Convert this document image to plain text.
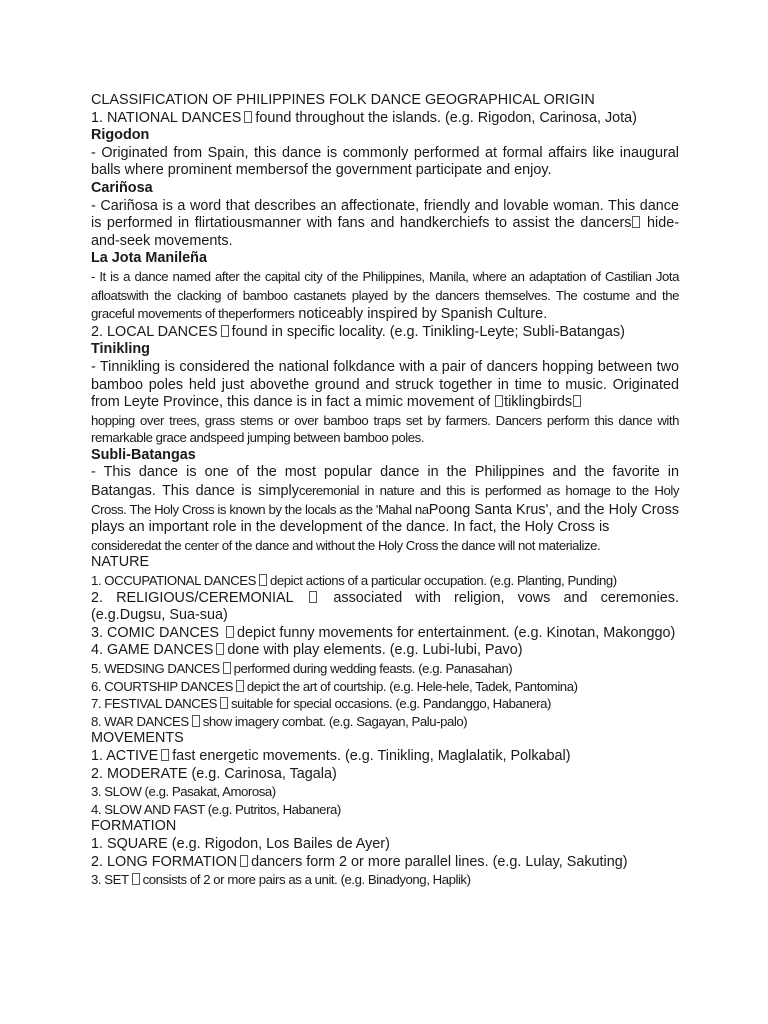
CLASSIFICATION OF PHILIPPINES FOLK DANCE GEOGRAPHICAL ORIGIN
1. NATIONAL DANCES found throughout the islands. (e.g. Rigodon, Carinosa, Jota)
Rigodon
- Originated from Spain, this dance is commonly performed at formal affairs like inaugural balls where prominent membersof the government participate and enjoy.
Cariñosa
- Cariñosa is a word that describes an affectionate, friendly and lovable woman. This dance is performed in flirtatiousmanner with fans and handkerchiefs to assist the dancers hide-and-seek movements.
La Jota Manileña
- It is a dance named after the capital city of the Philippines, Manila, where an adaptation of Castilian Jota afloatswith the clacking of bamboo castanets played by the dancers themselves. The costume and the graceful movements of theperformers noticeably inspired by Spanish Culture.
2. LOCAL DANCES found in specific locality. (e.g. Tinikling-Leyte; Subli-Batangas)
Tinikling
- Tinnikling is considered the national folkdance with a pair of dancers hopping between two bamboo poles held just abovethe ground and struck together in time to music. Originated from Leyte Province, this dance is in fact a mimic movement of tiklingbirds
hopping over trees, grass stems or over bamboo traps set by farmers. Dancers perform this dance with remarkable grace andspeed jumping between bamboo poles.
Subli-Batangas
- This dance is one of the most popular dance in the Philippines and the favorite in Batangas. This dance is simplyceremonial in nature and this is performed as homage to the Holy Cross. The Holy Cross is known by the locals as the 'Mahal naPoong Santa Krus', and the Holy Cross plays an important role in the development of the dance. In fact, the Holy Cross is
consideredat the center of the dance and without the Holy Cross the dance will not materialize.
NATURE
1. OCCUPATIONAL DANCES depict actions of a particular occupation. (e.g. Planting, Punding)
2. RELIGIOUS/CEREMONIAL	associated with religion, vows and ceremonies. (e.g.Dugsu, Sua-sua)
3. COMIC DANCES depict funny movements for entertainment. (e.g. Kinotan, Makonggo)
4. GAME DANCES done with play elements. (e.g. Lubi-lubi, Pavo)
5. WEDSING DANCES performed during wedding feasts. (e.g. Panasahan)
6. COURTSHIP DANCES depict the art of courtship. (e.g. Hele-hele, Tadek, Pantomina)
7. FESTIVAL DANCES suitable for special occasions. (e.g. Pandanggo, Habanera)
8. WAR DANCES show imagery combat. (e.g. Sagayan, Palu-palo)
MOVEMENTS
1. ACTIVE fast energetic movements. (e.g. Tinikling, Maglalatik, Polkabal)
2. MODERATE (e.g. Carinosa, Tagala)
3. SLOW (e.g. Pasakat, Amorosa)
4. SLOW AND FAST (e.g. Putritos, Habanera)
FORMATION
1. SQUARE (e.g. Rigodon, Los Bailes de Ayer)
2. LONG FORMATION dancers form 2 or more parallel lines. (e.g. Lulay, Sakuting)
3. SET consists of 2 or more pairs as a unit. (e.g. Binadyong, Haplik)
